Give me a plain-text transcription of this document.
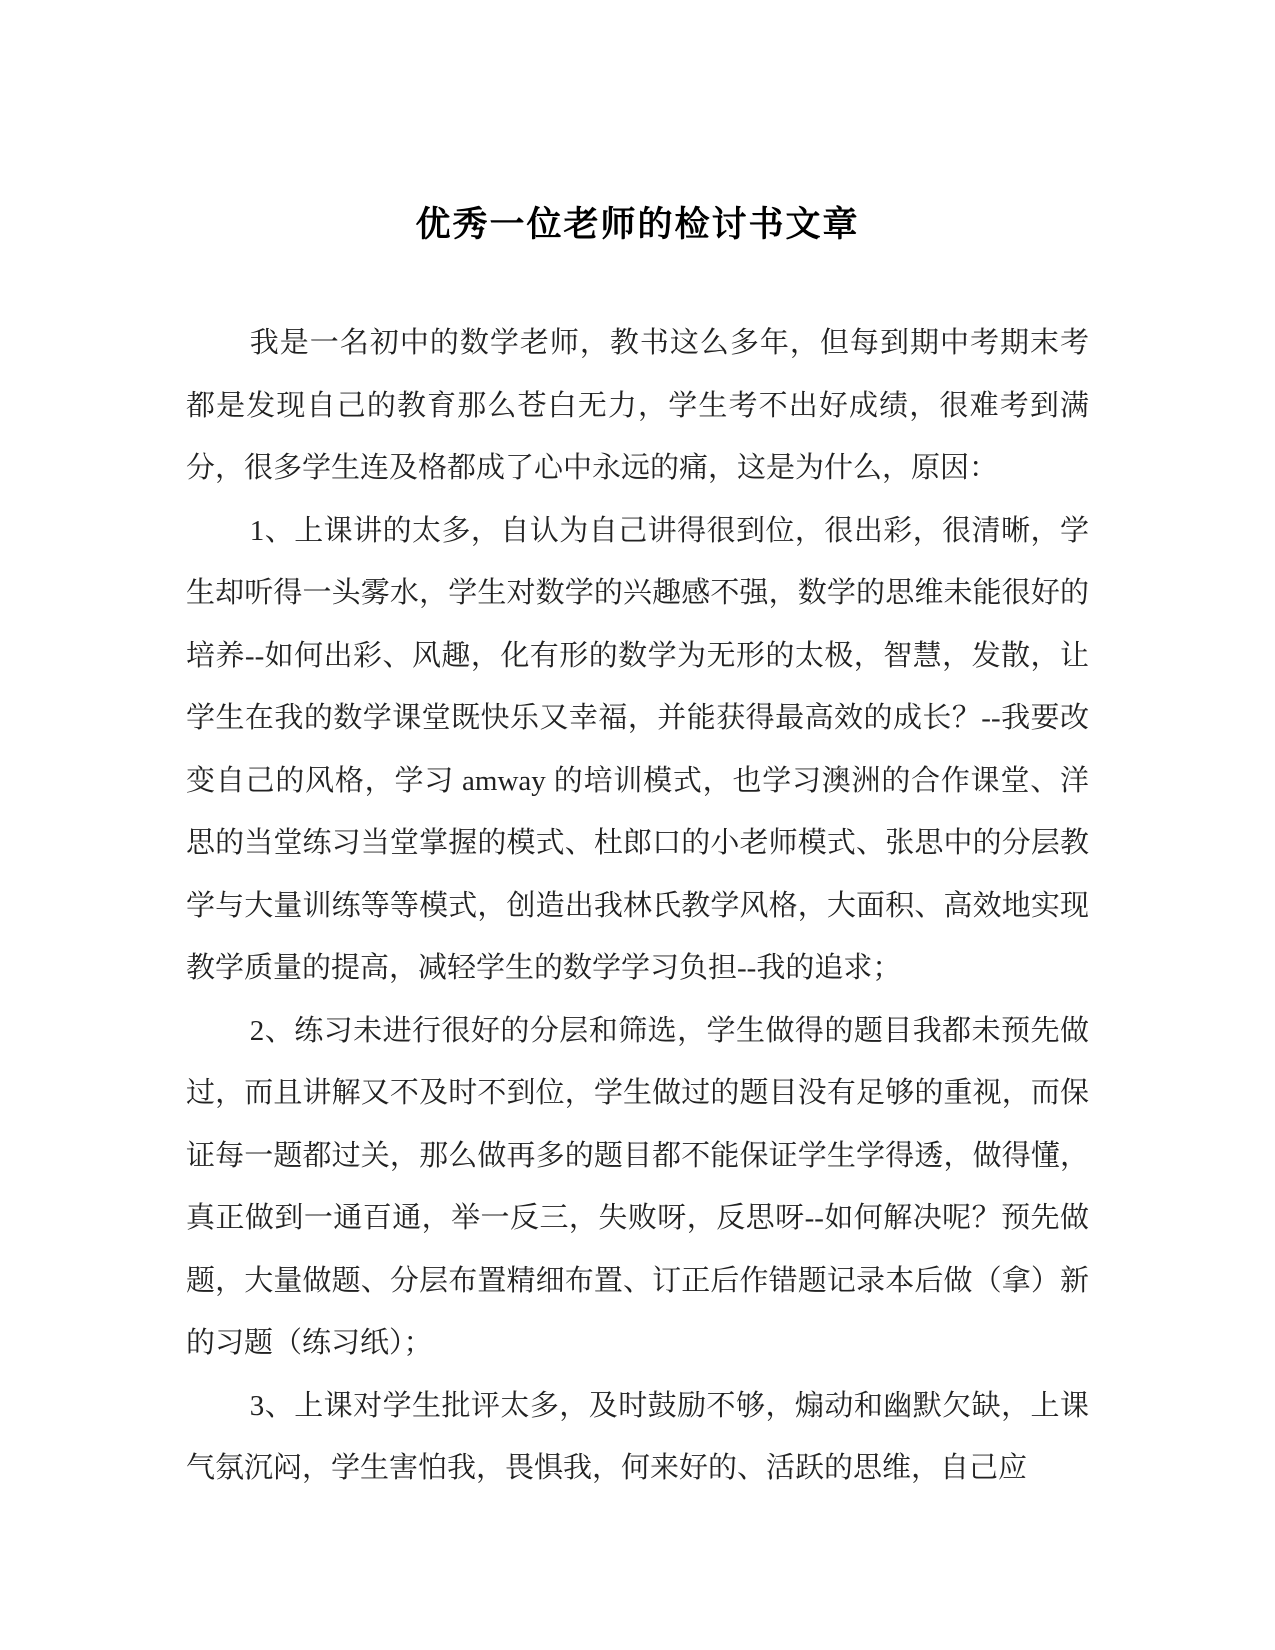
优秀一位老师的检讨书文章

我是一名初中的数学老师，教书这么多年，但每到期中考期末考都是发现自己的教育那么苍白无力，学生考不出好成绩，很难考到满分，很多学生连及格都成了心中永远的痛，这是为什么，原因：

1、上课讲的太多，自认为自己讲得很到位，很出彩，很清晰，学生却听得一头雾水，学生对数学的兴趣感不强，数学的思维未能很好的培养--如何出彩、风趣，化有形的数学为无形的太极，智慧，发散，让学生在我的数学课堂既快乐又幸福，并能获得最高效的成长？--我要改变自己的风格，学习 amway 的培训模式，也学习澳洲的合作课堂、洋思的当堂练习当堂掌握的模式、杜郎口的小老师模式、张思中的分层教学与大量训练等等模式，创造出我林氏教学风格，大面积、高效地实现教学质量的提高，减轻学生的数学学习负担--我的追求；

2、练习未进行很好的分层和筛选，学生做得的题目我都未预先做过，而且讲解又不及时不到位，学生做过的题目没有足够的重视，而保证每一题都过关，那么做再多的题目都不能保证学生学得透，做得懂，真正做到一通百通，举一反三，失败呀，反思呀--如何解决呢？预先做题，大量做题、分层布置精细布置、订正后作错题记录本后做（拿）新的习题（练习纸）；

3、上课对学生批评太多，及时鼓励不够，煽动和幽默欠缺，上课气氛沉闷，学生害怕我，畏惧我，何来好的、活跃的思维，自己应
